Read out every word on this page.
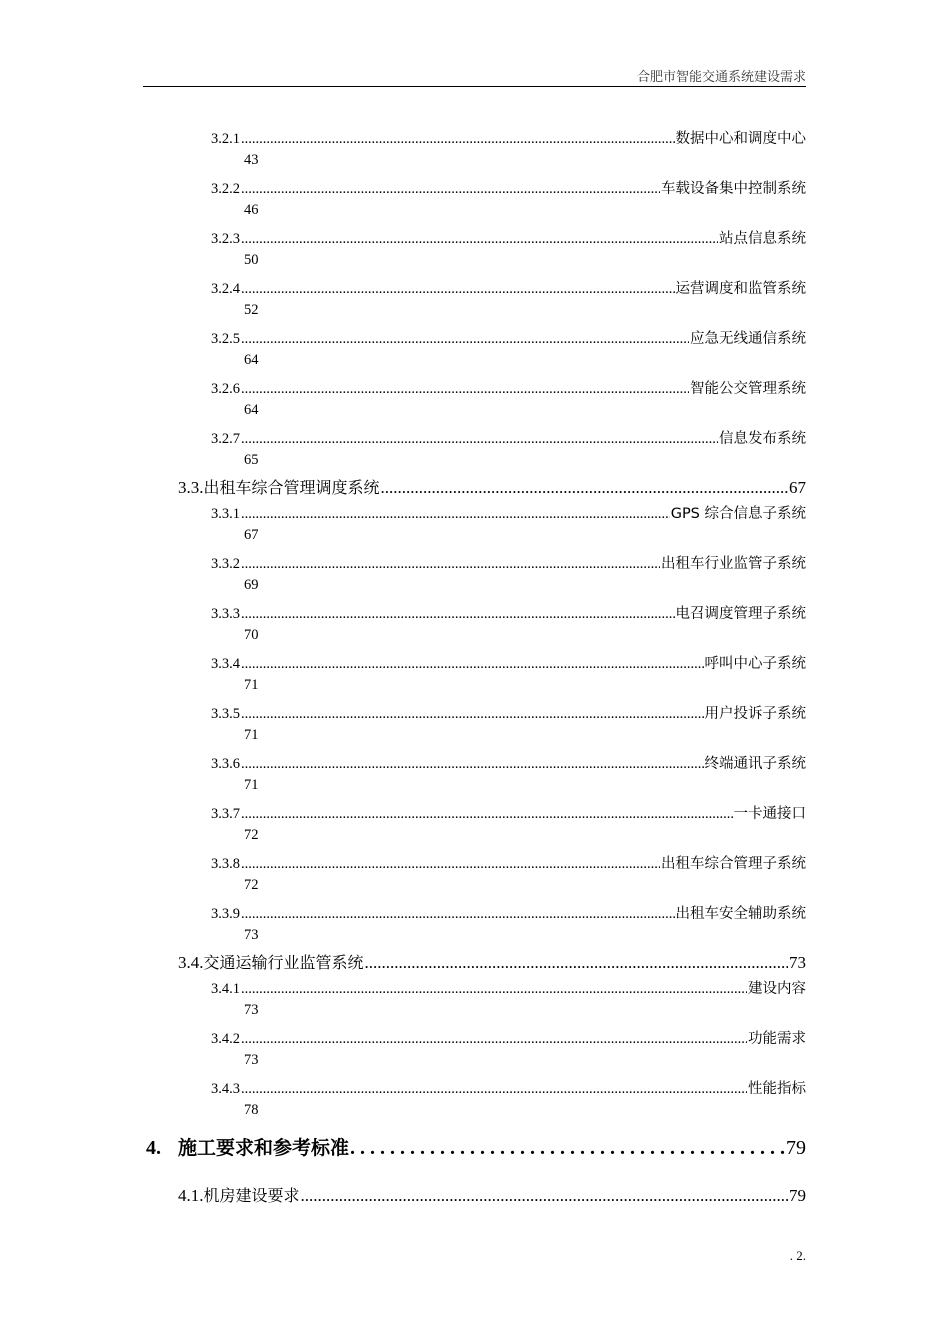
合肥市智能交通系统建设需求
3.2.1 .....	数据中心和调度中心
43
3.2.2 .....	车载设备集中控制系统
46
3.2.3 .....	站点信息系统
50
3.2.4 .....	运营调度和监管系统
52
3.2.5 .....	应急无线通信系统
64
3.2.6 .....	智能公交管理系统
64
3.2.7 .....	信息发布系统
65
3.3. 出租车综合管理调度系统 .....	67
3.3.1 .....	GPS 综合信息子系统
67
3.3.2 .....	出租车行业监管子系统
69
3.3.3 .....	电召调度管理子系统
70
3.3.4 .....	呼叫中心子系统
71
3.3.5 .....	用户投诉子系统
71
3.3.6 .....	终端通讯子系统
71
3.3.7 .....	一卡通接口
72
3.3.8 .....	出租车综合管理子系统
72
3.3.9 .....	出租车安全辅助系统
73
3.4. 交通运输行业监管系统 .....	73
3.4.1 .....	建设内容
73
3.4.2 .....	功能需求
73
3.4.3 .....	性能指标
78
4. 施工要求和参考标准 . . .	79
4.1. 机房建设要求 .....	79
. 2.
